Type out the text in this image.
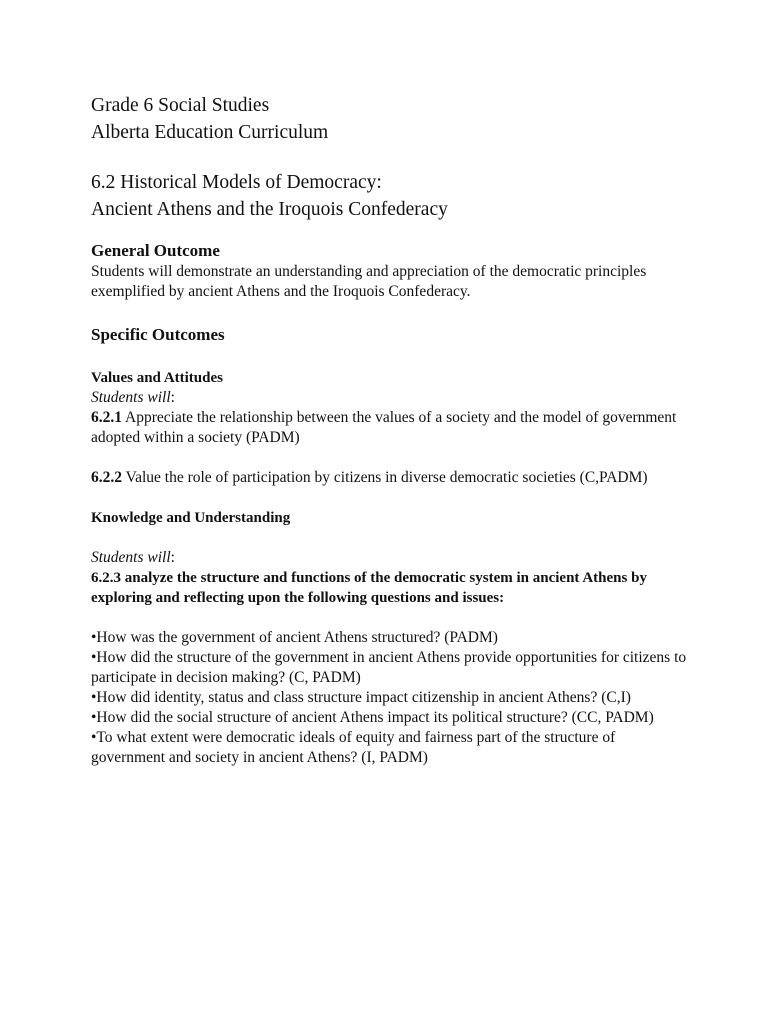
Grade 6 Social Studies

Alberta Education Curriculum

6.2 Historical Models of Democracy:

Ancient Athens and the Iroquois Confederacy

General Outcome

Students will demonstrate an understanding and appreciation of the democratic principles exemplified by ancient Athens and the Iroquois Confederacy.

Specific Outcomes

Values and Attitudes

Students will:

6.2.1 Appreciate the relationship between the values of a society and the model of government adopted within a society (PADM)

6.2.2 Value the role of participation by citizens in diverse democratic societies (C,PADM)

Knowledge and Understanding

Students will:

6.2.3 analyze the structure and functions of the democratic system in ancient Athens by exploring and reflecting upon the following questions and issues:

•How was the government of ancient Athens structured? (PADM)
•How did the structure of the government in ancient Athens provide opportunities for citizens to participate in decision making? (C, PADM)
•How did identity, status and class structure impact citizenship in ancient Athens? (C,I)
•How did the social structure of ancient Athens impact its political structure? (CC, PADM)
•To what extent were democratic ideals of equity and fairness part of the structure of government and society in ancient Athens? (I, PADM)
